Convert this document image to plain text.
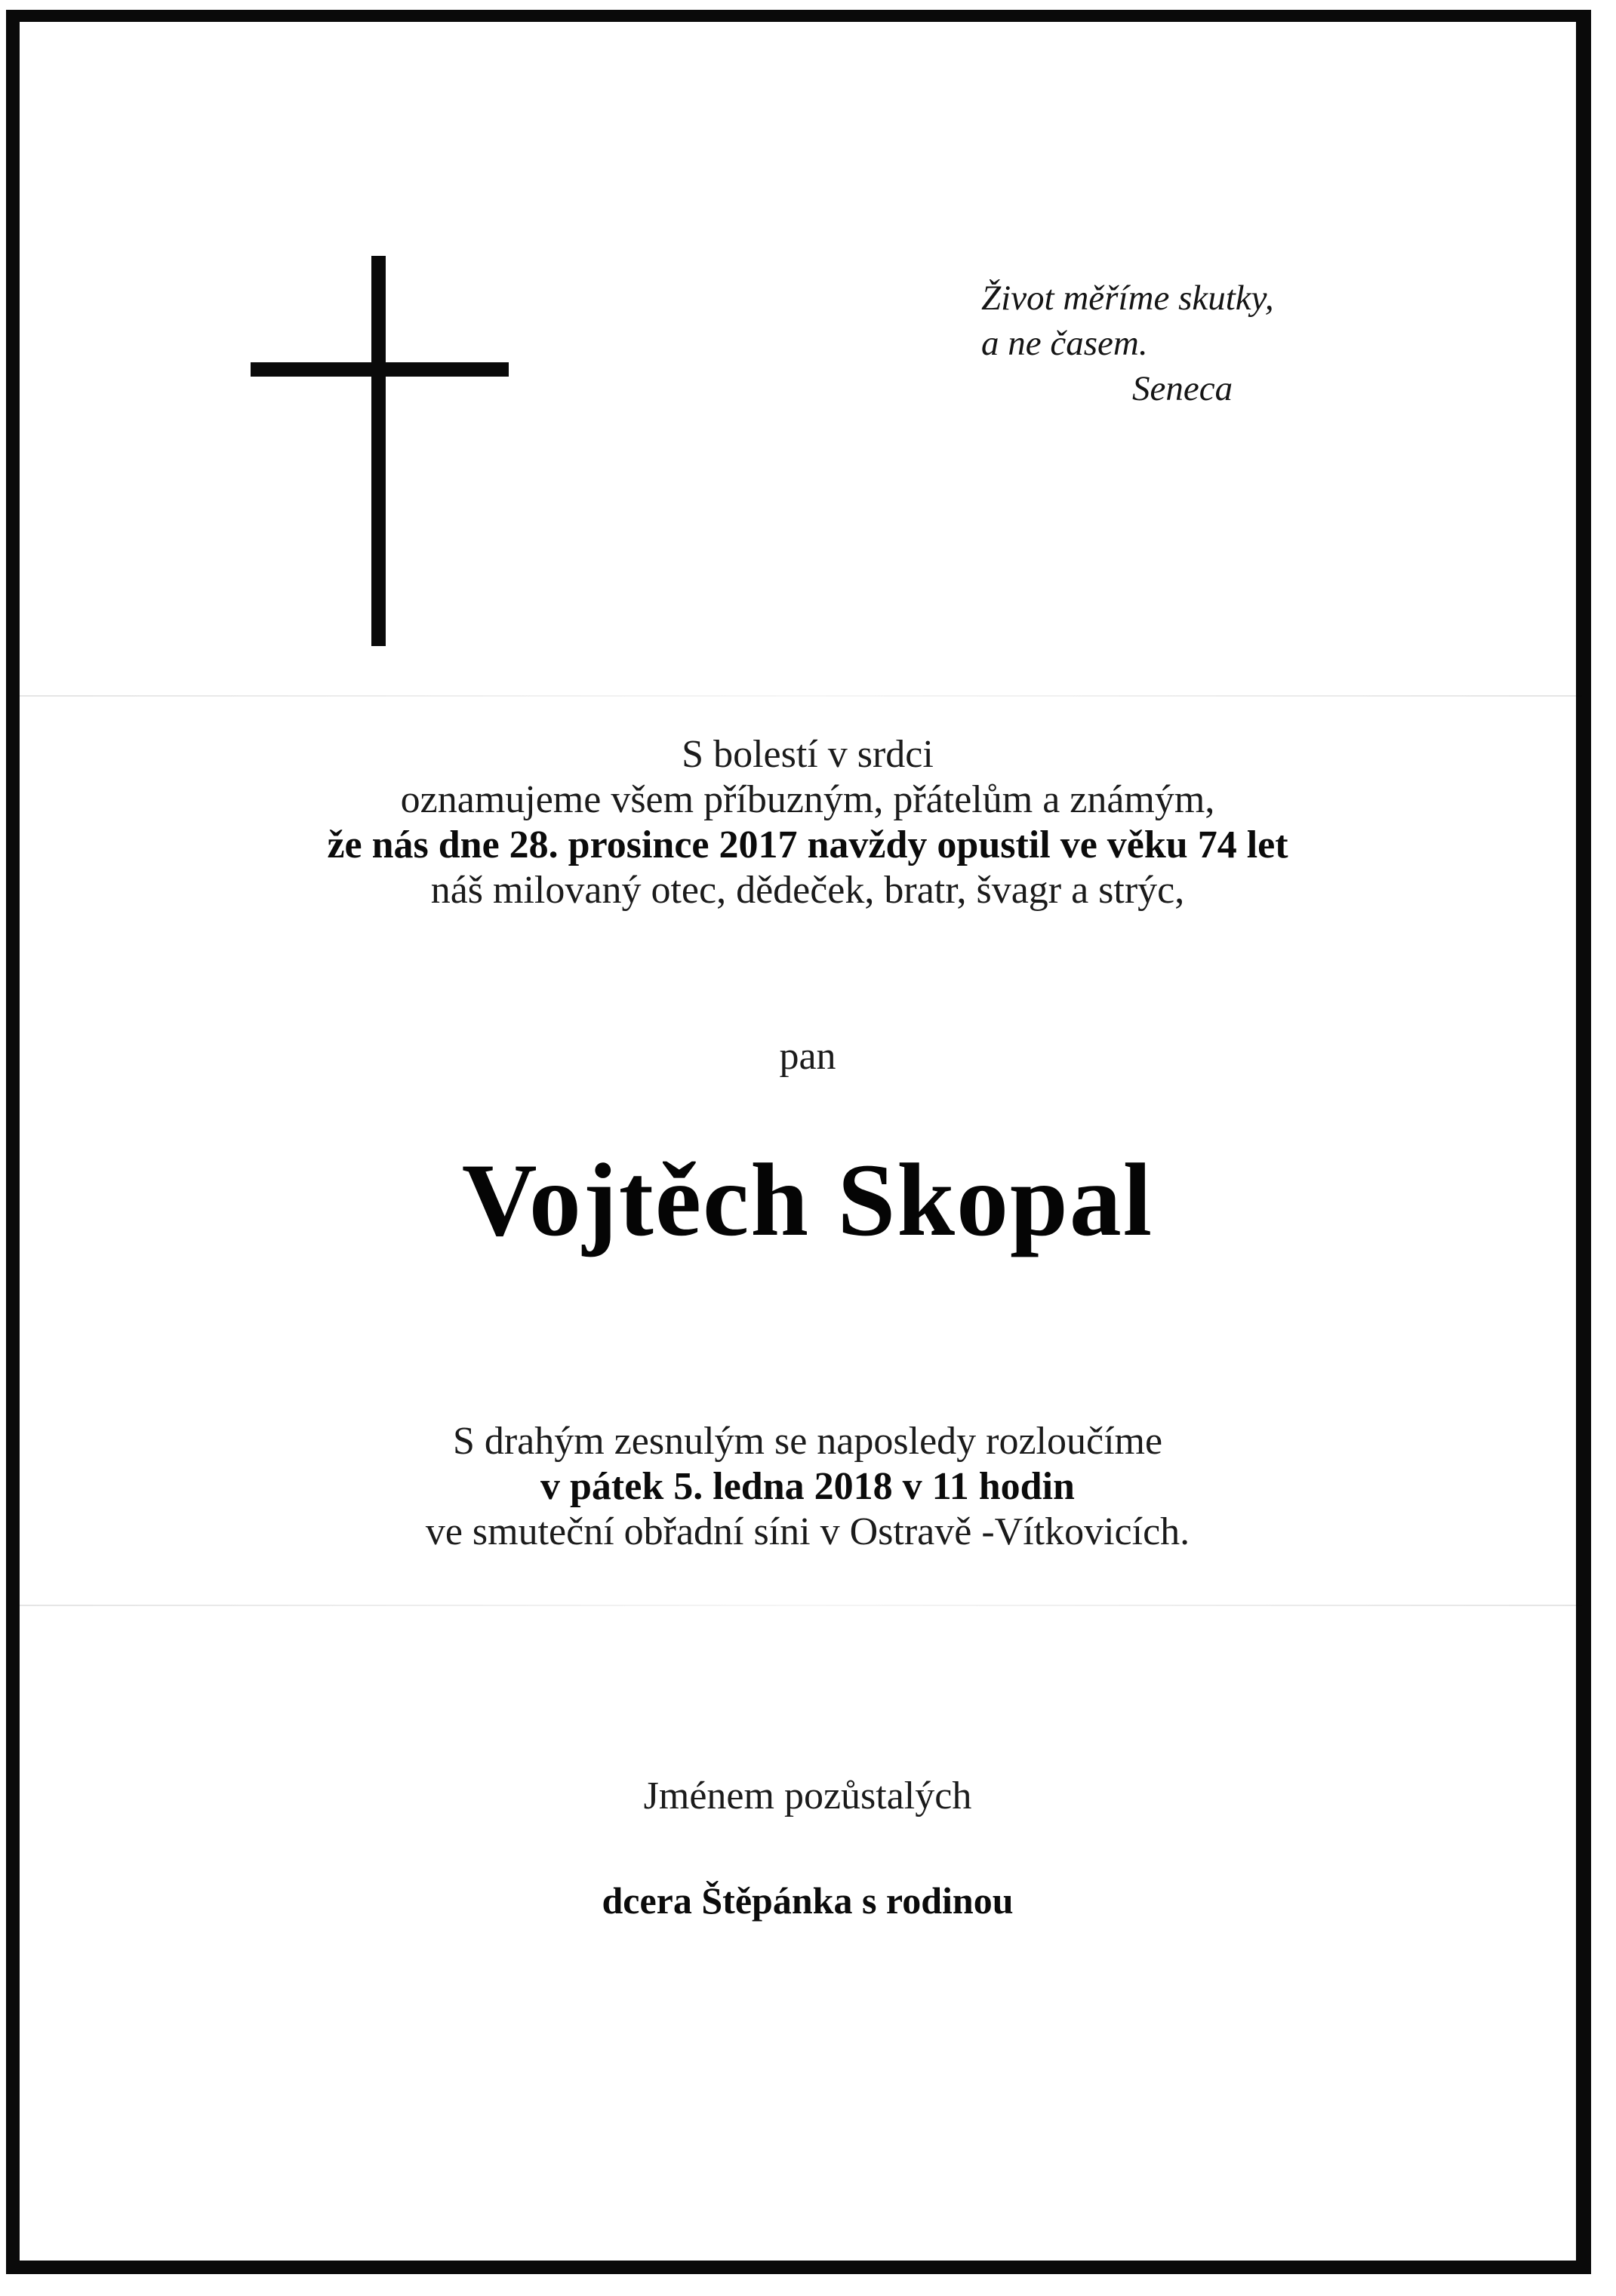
Život měříme skutky,
a ne časem.
Seneca
S bolestí v srdci
oznamujeme všem příbuzným, přátelům a známým,
že nás dne 28. prosince 2017 navždy opustil ve věku 74 let
náš milovaný otec, dědeček, bratr, švagr a strýc,
pan
Vojtěch Skopal
S drahým zesnulým se naposledy rozloučíme
v pátek 5. ledna 2018 v 11 hodin
ve smuteční obřadní síni v Ostravě -Vítkovicích.
Jménem pozůstalých
dcera Štěpánka s rodinou
